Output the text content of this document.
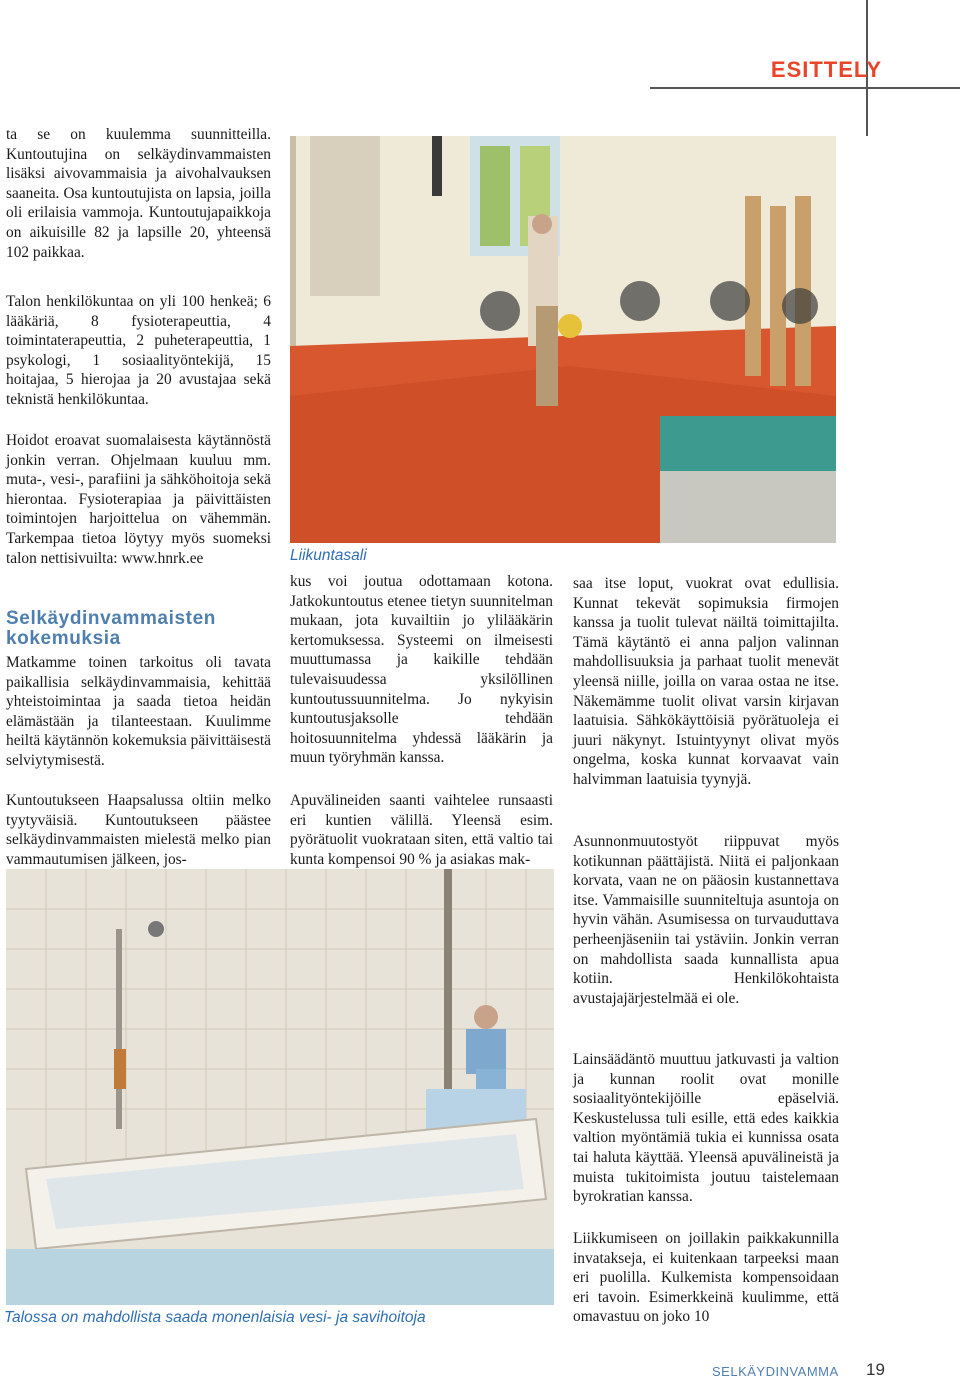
ESITTELY

ta se on kuulemma suunnitteilla. Kuntoutujina on selkäydinvammaisten lisäksi aivovammaisia ja aivohalvauksen saaneita. Osa kuntoutujista on lapsia, joilla oli erilaisia vammoja. Kuntoutujapaikkoja on aikuisille 82 ja lapsille 20, yhteensä 102 paikkaa.

Talon henkilökuntaa on yli 100 henkeä; 6 lääkäriä, 8 fysioterapeuttia, 4 toimintaterapeuttia, 2 puheterapeuttia, 1 psykologi, 1 sosiaalityöntekijä, 15 hoitajaa, 5 hierojaa ja 20 avustajaa sekä teknistä henkilökuntaa.

Hoidot eroavat suomalaisesta käytännöstä jonkin verran. Ohjelmaan kuuluu mm. muta-, vesi-, parafiini ja sähköhoitoja sekä hierontaa. Fysioterapiaa ja päivittäisten toimintojen harjoittelua on vähemmän. Tarkempaa tietoa löytyy myös suomeksi talon nettisivuilta: www.hnrk.ee

Selkäydinvammaisten kokemuksia

Matkamme toinen tarkoitus oli tavata paikallisia selkäydinvammaisia, kehittää yhteistoimintaa ja saada tietoa heidän elämästään ja tilanteestaan. Kuulimme heiltä käytännön kokemuksia päivittäisestä selviytymisestä.

Kuntoutukseen Haapsalussa oltiin melko tyytyväisiä. Kuntoutukseen päästee selkäydinvammaisten mielestä melko pian vammautumisen jälkeen, jos-

Liikuntasali

kus voi joutua odottamaan kotona. Jatkokuntoutus etenee tietyn suunnitelman mukaan, jota kuvailtiin jo ylilääkärin kertomuksessa. Systeemi on ilmeisesti muuttumassa ja kaikille tehdään tulevaisuudessa yksilöllinen kuntoutussuunnitelma. Jo nykyisin kuntoutusjaksolle tehdään hoitosuunnitelma yhdessä lääkärin ja muun työryhmän kanssa.

Apuvälineiden saanti vaihtelee runsaasti eri kuntien välillä. Yleensä esim. pyörätuolit vuokrataan siten, että valtio tai kunta kompensoi 90 % ja asiakas mak-

saa itse loput, vuokrat ovat edullisia. Kunnat tekevät sopimuksia firmojen kanssa ja tuolit tulevat näiltä toimittajilta. Tämä käytäntö ei anna paljon valinnan mahdollisuuksia ja parhaat tuolit menevät yleensä niille, joilla on varaa ostaa ne itse. Näkemämme tuolit olivat varsin kirjavan laatuisia. Sähkökäyttöisiä pyörätuoleja ei juuri näkynyt. Istuintyynyt olivat myös ongelma, koska kunnat korvaavat vain halvimman laatuisia tyynyjä.

Asunnonmuutostyöt riippuvat myös kotikunnan päättäjistä. Niitä ei paljonkaan korvata, vaan ne on pääosin kustannettava itse. Vammaisille suunniteltuja asuntoja on hyvin vähän. Asumisessa on turvauduttava perheenjäseniin tai ystäviin. Jonkin verran on mahdollista saada kunnallista apua kotiin. Henkilökohtaista avustajajärjestelmää ei ole.

Lainsäädäntö muuttuu jatkuvasti ja valtion ja kunnan roolit ovat monille sosiaalityöntekijöille epäselviä. Keskustelussa tuli esille, että edes kaikkia valtion myöntämiä tukia ei kunnissa osata tai haluta käyttää. Yleensä apuvälineistä ja muista tukitoimista joutuu taistelemaan byrokratian kanssa.

Liikkumiseen on joillakin paikkakunnilla invatakseja, ei kuitenkaan tarpeeksi maan eri puolilla. Kulkemista kompensoidaan eri tavoin. Esimerkkeinä kuulimme, että omavastuu on joko 10

Talossa on mahdollista saada monenlaisia vesi- ja savihoitoja
SELKÄYDINVAMMA 19
